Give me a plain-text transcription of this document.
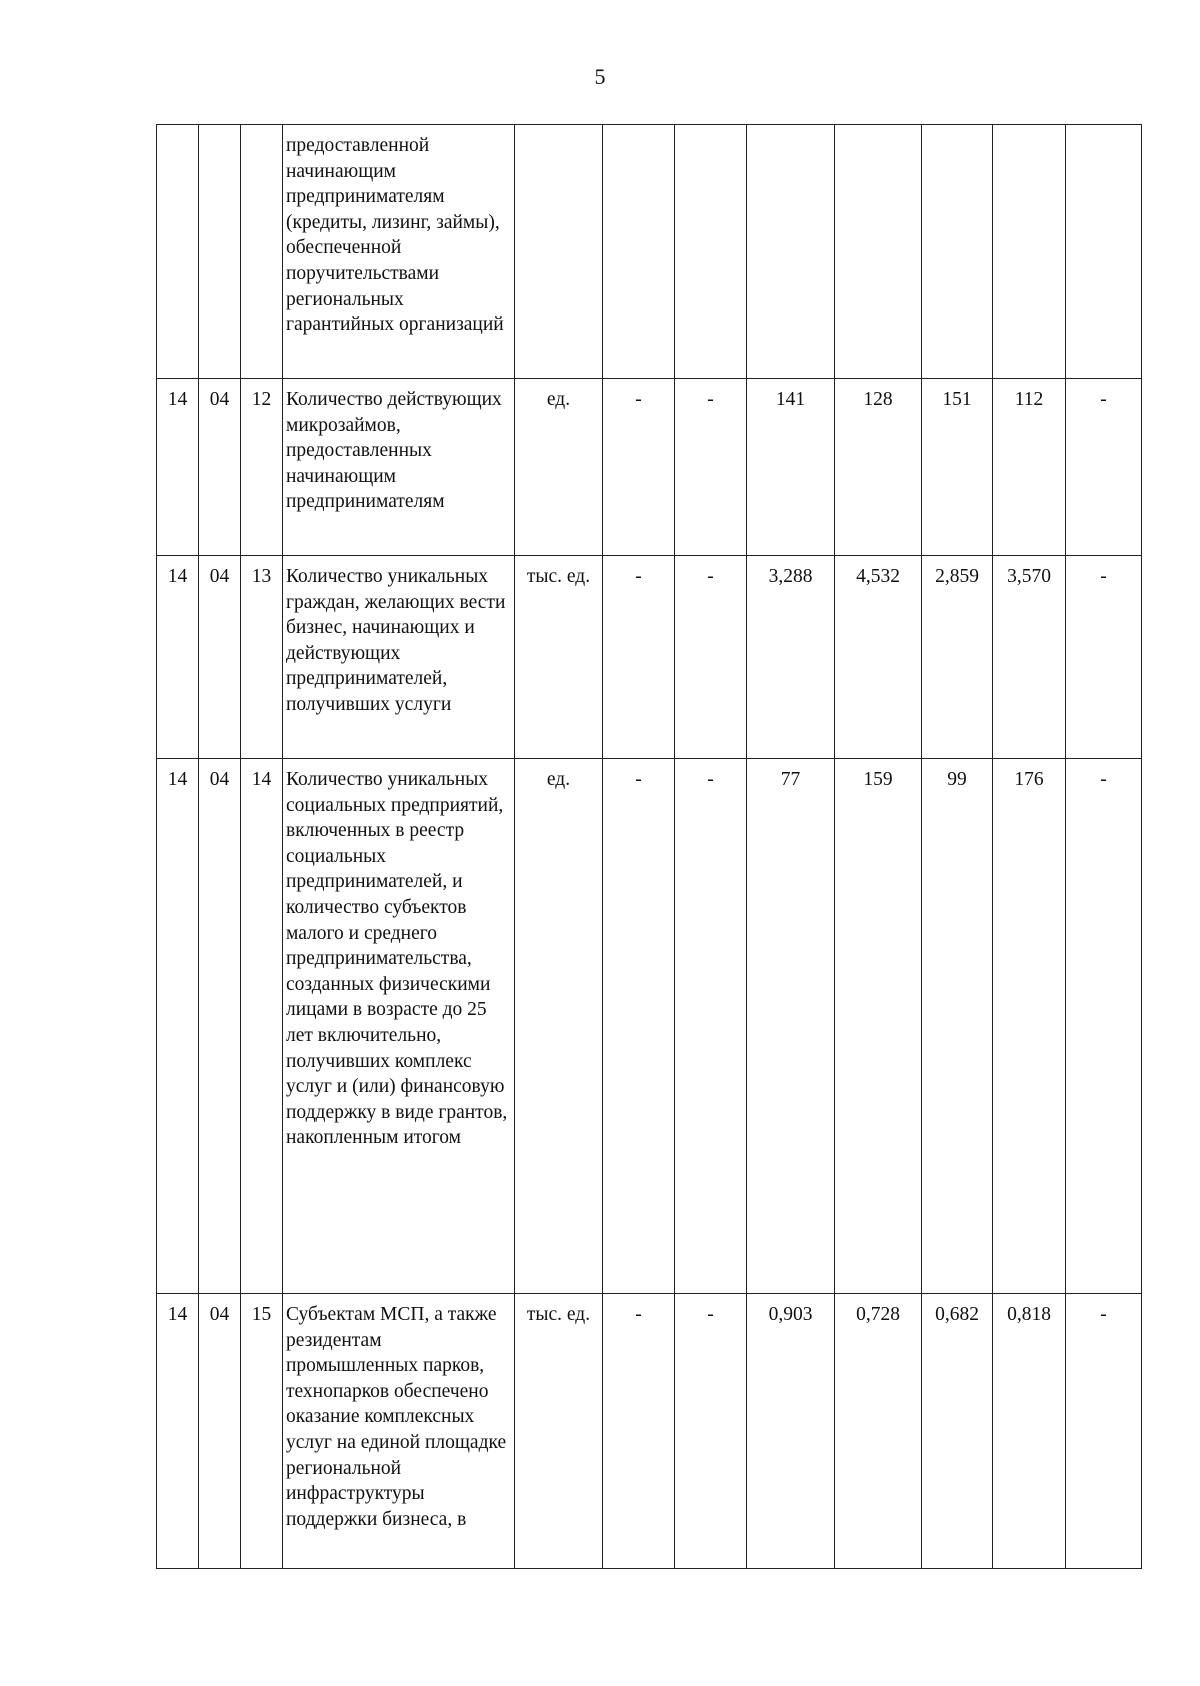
5
			предоставленной начинающим предпринимателям (кредиты, лизинг, займы), обеспеченной поручительствами региональных гарантийных организаций								
14	04	12	Количество действующих микрозаймов, предоставленных начинающим предпринимателям	ед.	-	-	141	128	151	112	-
14	04	13	Количество уникальных граждан, желающих вести бизнес, начинающих и действующих предпринимателей, получивших услуги	тыс. ед.	-	-	3,288	4,532	2,859	3,570	-
14	04	14	Количество уникальных социальных предприятий, включенных в реестр социальных предпринимателей, и количество субъектов малого и среднего предпринимательства, созданных физическими лицами в возрасте до 25 лет включительно, получивших комплекс услуг и (или) финансовую поддержку в виде грантов, накопленным итогом	ед.	-	-	77	159	99	176	-
14	04	15	Субъектам МСП, а также резидентам промышленных парков, технопарков обеспечено оказание комплексных услуг на единой площадке региональной инфраструктуры поддержки бизнеса, в	тыс. ед.	-	-	0,903	0,728	0,682	0,818	-
